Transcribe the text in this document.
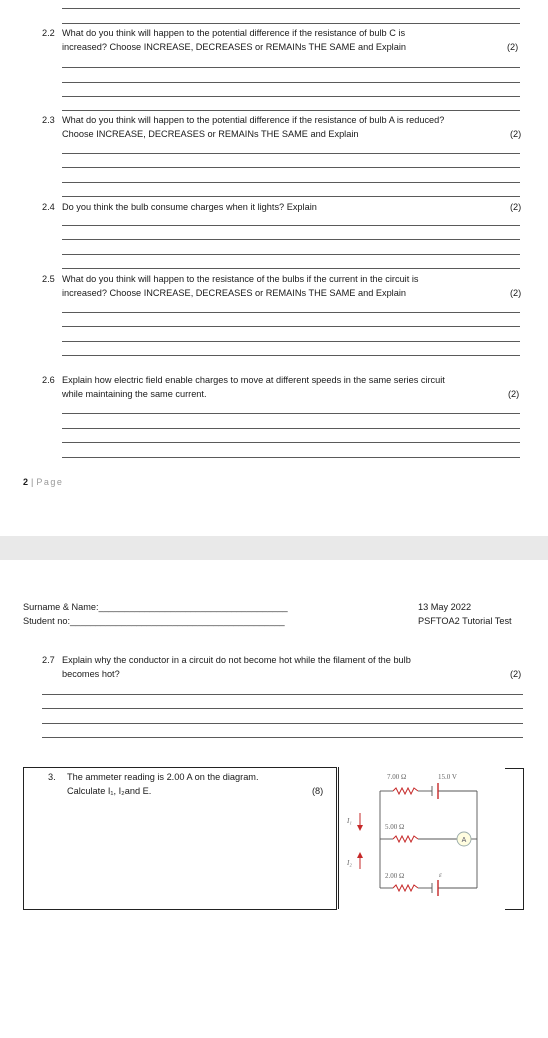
2.2 What do you think will happen to the potential difference if the resistance of bulb C is
increased? Choose INCREASE, DECREASES or REMAINs THE SAME and Explain	(2)
2.3 What do you think will happen to the potential difference if the resistance of bulb A is reduced?
Choose INCREASE, DECREASES or REMAINs THE SAME and Explain	(2)
2.4 Do you think the bulb consume charges when it lights? Explain	(2)
2.5 What do you think will happen to the resistance of the bulbs if the current in the circuit is
increased? Choose INCREASE, DECREASES or REMAINs THE SAME and Explain	(2)
2.6 Explain how electric field enable charges to move at different speeds in the same series circuit
while maintaining the same current.	(2)
2 | Page
Surname & Name:_____________________________________
Student no:__________________________________________
13 May 2022
PSFTOA2 Tutorial Test
2.7 Explain why the conductor in a circuit do not become hot while the filament of the bulb
becomes hot?	(2)
3. The ammeter reading is 2.00 A on the diagram.
Calculate I₁, I₂and E.	(8)
A
7.00 Ω	15.0 V
5.00 Ω
2.00 Ω	ε
I₁
I₂
